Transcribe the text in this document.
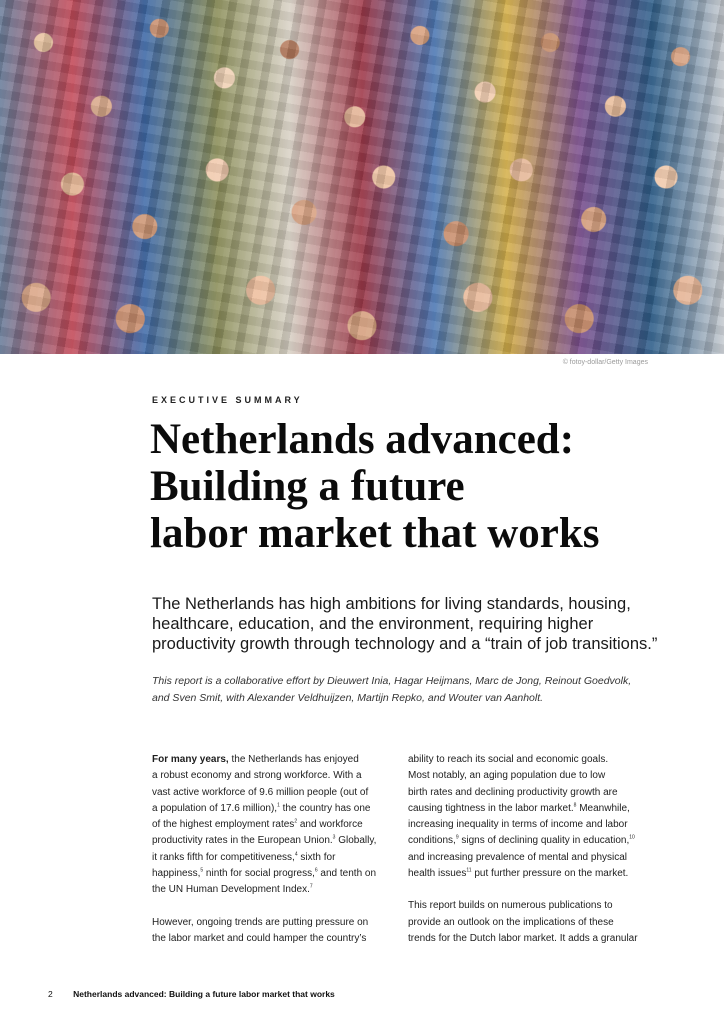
© fotoy-dollar/Getty Images
EXECUTIVE SUMMARY
Netherlands advanced:
Building a future
labor market that works

The Netherlands has high ambitions for living standards, housing,
healthcare, education, and the environment, requiring higher
productivity growth through technology and a “train of job transitions.”

This report is a collaborative effort by Dieuwert Inia, Hagar Heijmans, Marc de Jong, Reinout Goedvolk,
and Sven Smit, with Alexander Veldhuijzen, Martijn Repko, and Wouter van Aanholt.

For many years, the Netherlands has enjoyed
a robust economy and strong workforce. With a
vast active workforce of 9.6 million people (out of
a population of 17.6 million),$^1$ the country has one
of the highest employment rates$^2$ and workforce
productivity rates in the European Union.$^3$ Globally,
it ranks fifth for competitiveness,$^4$ sixth for
happiness,$^5$ ninth for social progress,$^6$ and tenth on
the UN Human Development Index.$^7$
However, ongoing trends are putting pressure on
the labor market and could hamper the country’s
ability to reach its social and economic goals.
Most notably, an aging population due to low
birth rates and declining productivity growth are
causing tightness in the labor market.$^8$ Meanwhile,
increasing inequality in terms of income and labor
conditions,$^9$ signs of declining quality in education,$^{10}$
and increasing prevalence of mental and physical
health issues$^{11}$ put further pressure on the market.
This report builds on numerous publications to
provide an outlook on the implications of these
trends for the Dutch labor market. It adds a granular
2 Netherlands advanced: Building a future labor market that works
